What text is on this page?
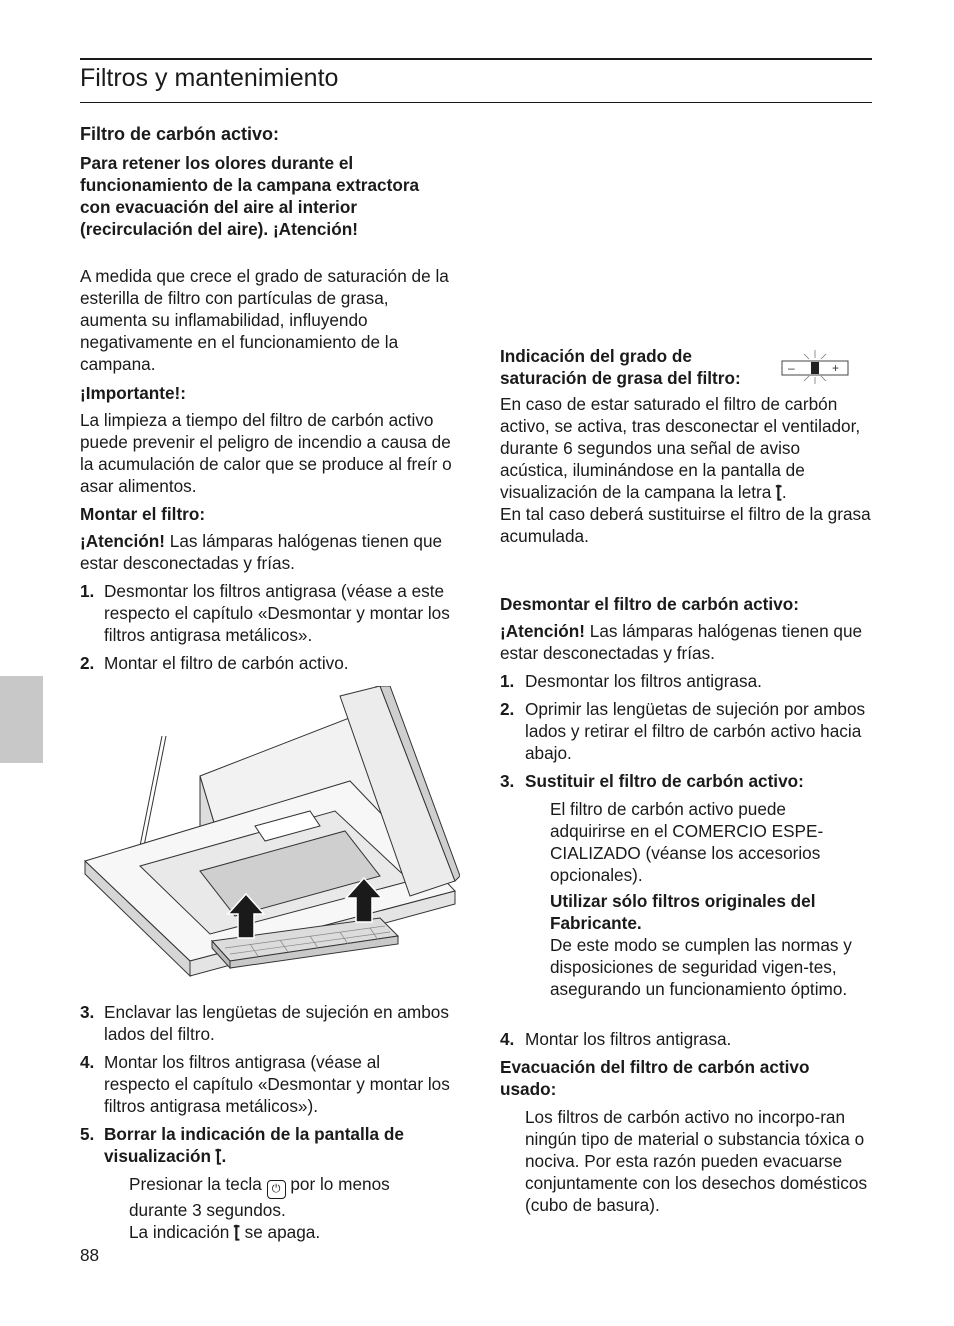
Filtros y mantenimiento

Filtro de carbón activo:

Para retener los olores durante el funcionamiento de la campana extractora con evacuación del aire al interior (recirculación del aire). ¡Atención!

A medida que crece el grado de saturación de la esterilla de filtro con partículas de grasa, aumenta su inflamabilidad, influyendo negativamente en el funcionamiento de la campana.

¡Importante!:

La limpieza a tiempo del filtro de carbón activo puede prevenir el peligro de incendio a causa de la acumulación de calor que se produce al freír o asar alimentos.

Montar el filtro:

¡Atención! Las lámparas halógenas tienen que estar desconectadas y frías.

1. Desmontar los filtros antigrasa (véase a este respecto el capítulo «Desmontar y montar los filtros antigrasa metálicos».
2. Montar el filtro de carbón activo.
3. Enclavar las lengüetas de sujeción en ambos lados del filtro.
4. Montar los filtros antigrasa (véase al respecto el capítulo «Desmontar y montar los filtros antigrasa metálicos»).
5. Borrar la indicación de la pantalla de visualización ⌊̄.

Presionar la tecla ⏻ por lo menos durante 3 segundos.
La indicación ⌊̄ se apaga.

88

Indicación del grado de saturación de grasa del filtro:	–	+

En caso de estar saturado el filtro de carbón activo, se activa, tras desconectar el ventilador, durante 6 segundos una señal de aviso acústica, iluminándose en la pantalla de visualización de la campana la letra ⌊̄.
En tal caso deberá sustituirse el filtro de la grasa acumulada.

Desmontar el filtro de carbón activo:

¡Atención! Las lámparas halógenas tienen que estar desconectadas y frías.

1. Desmontar los filtros antigrasa.
2. Oprimir las lengüetas de sujeción por ambos lados y retirar el filtro de carbón activo hacia abajo.
3. Sustituir el filtro de carbón activo:

El filtro de carbón activo puede adquirirse en el COMERCIO ESPE-CIALIZADO (véanse los accesorios opcionales).

Utilizar sólo filtros originales del Fabricante.
De este modo se cumplen las normas y disposiciones de seguridad vigen-tes, asegurando un funcionamiento óptimo.

4. Montar los filtros antigrasa.

Evacuación del filtro de carbón activo usado:

Los filtros de carbón activo no incorpo-ran ningún tipo de material o substancia tóxica o nociva. Por esta razón pueden evacuarse conjuntamente con los desechos domésticos (cubo de basura).
